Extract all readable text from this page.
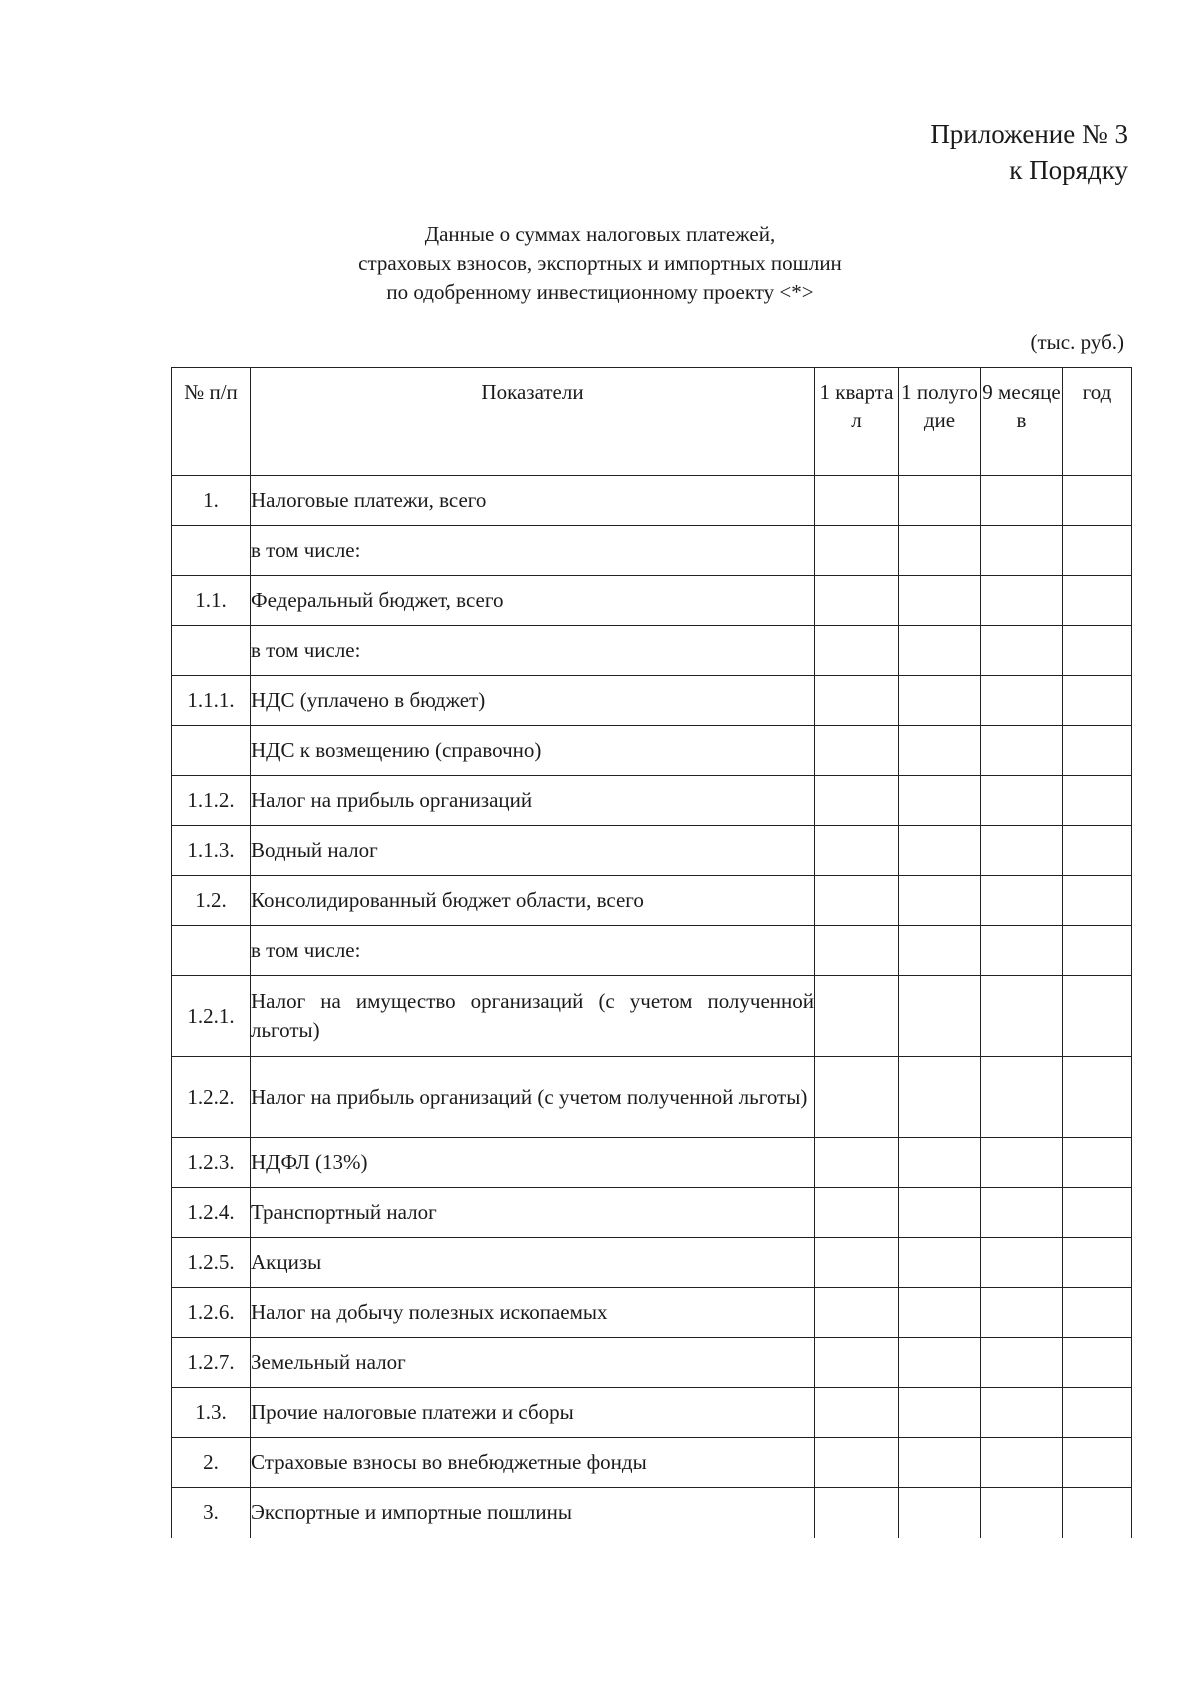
Приложение № 3
к Порядку
Данные о суммах налоговых платежей,
страховых взносов, экспортных и импортных пошлин
по одобренному инвестиционному проекту <*>
(тыс. руб.)
№ п/п	Показатели	1 кварта л	1 полуго дие	9 месяце в	год
1.	Налоговые платежи, всего				
	в том числе:				
1.1.	Федеральный бюджет, всего				
	в том числе:				
1.1.1.	НДС (уплачено в бюджет)				
	НДС к возмещению (справочно)				
1.1.2.	Налог на прибыль организаций				
1.1.3.	Водный налог				
1.2.	Консолидированный бюджет области, всего				
	в том числе:				
1.2.1.	Налог на имущество организаций (с учетом полученной льготы)				
1.2.2.	Налог на прибыль организаций (с учетом полученной льготы)				
1.2.3.	НДФЛ (13%)				
1.2.4.	Транспортный налог				
1.2.5.	Акцизы				
1.2.6.	Налог на добычу полезных ископаемых				
1.2.7.	Земельный налог				
1.3.	Прочие налоговые платежи и сборы				
2.	Страховые взносы во внебюджетные фонды				
3.	Экспортные и импортные пошлины				
